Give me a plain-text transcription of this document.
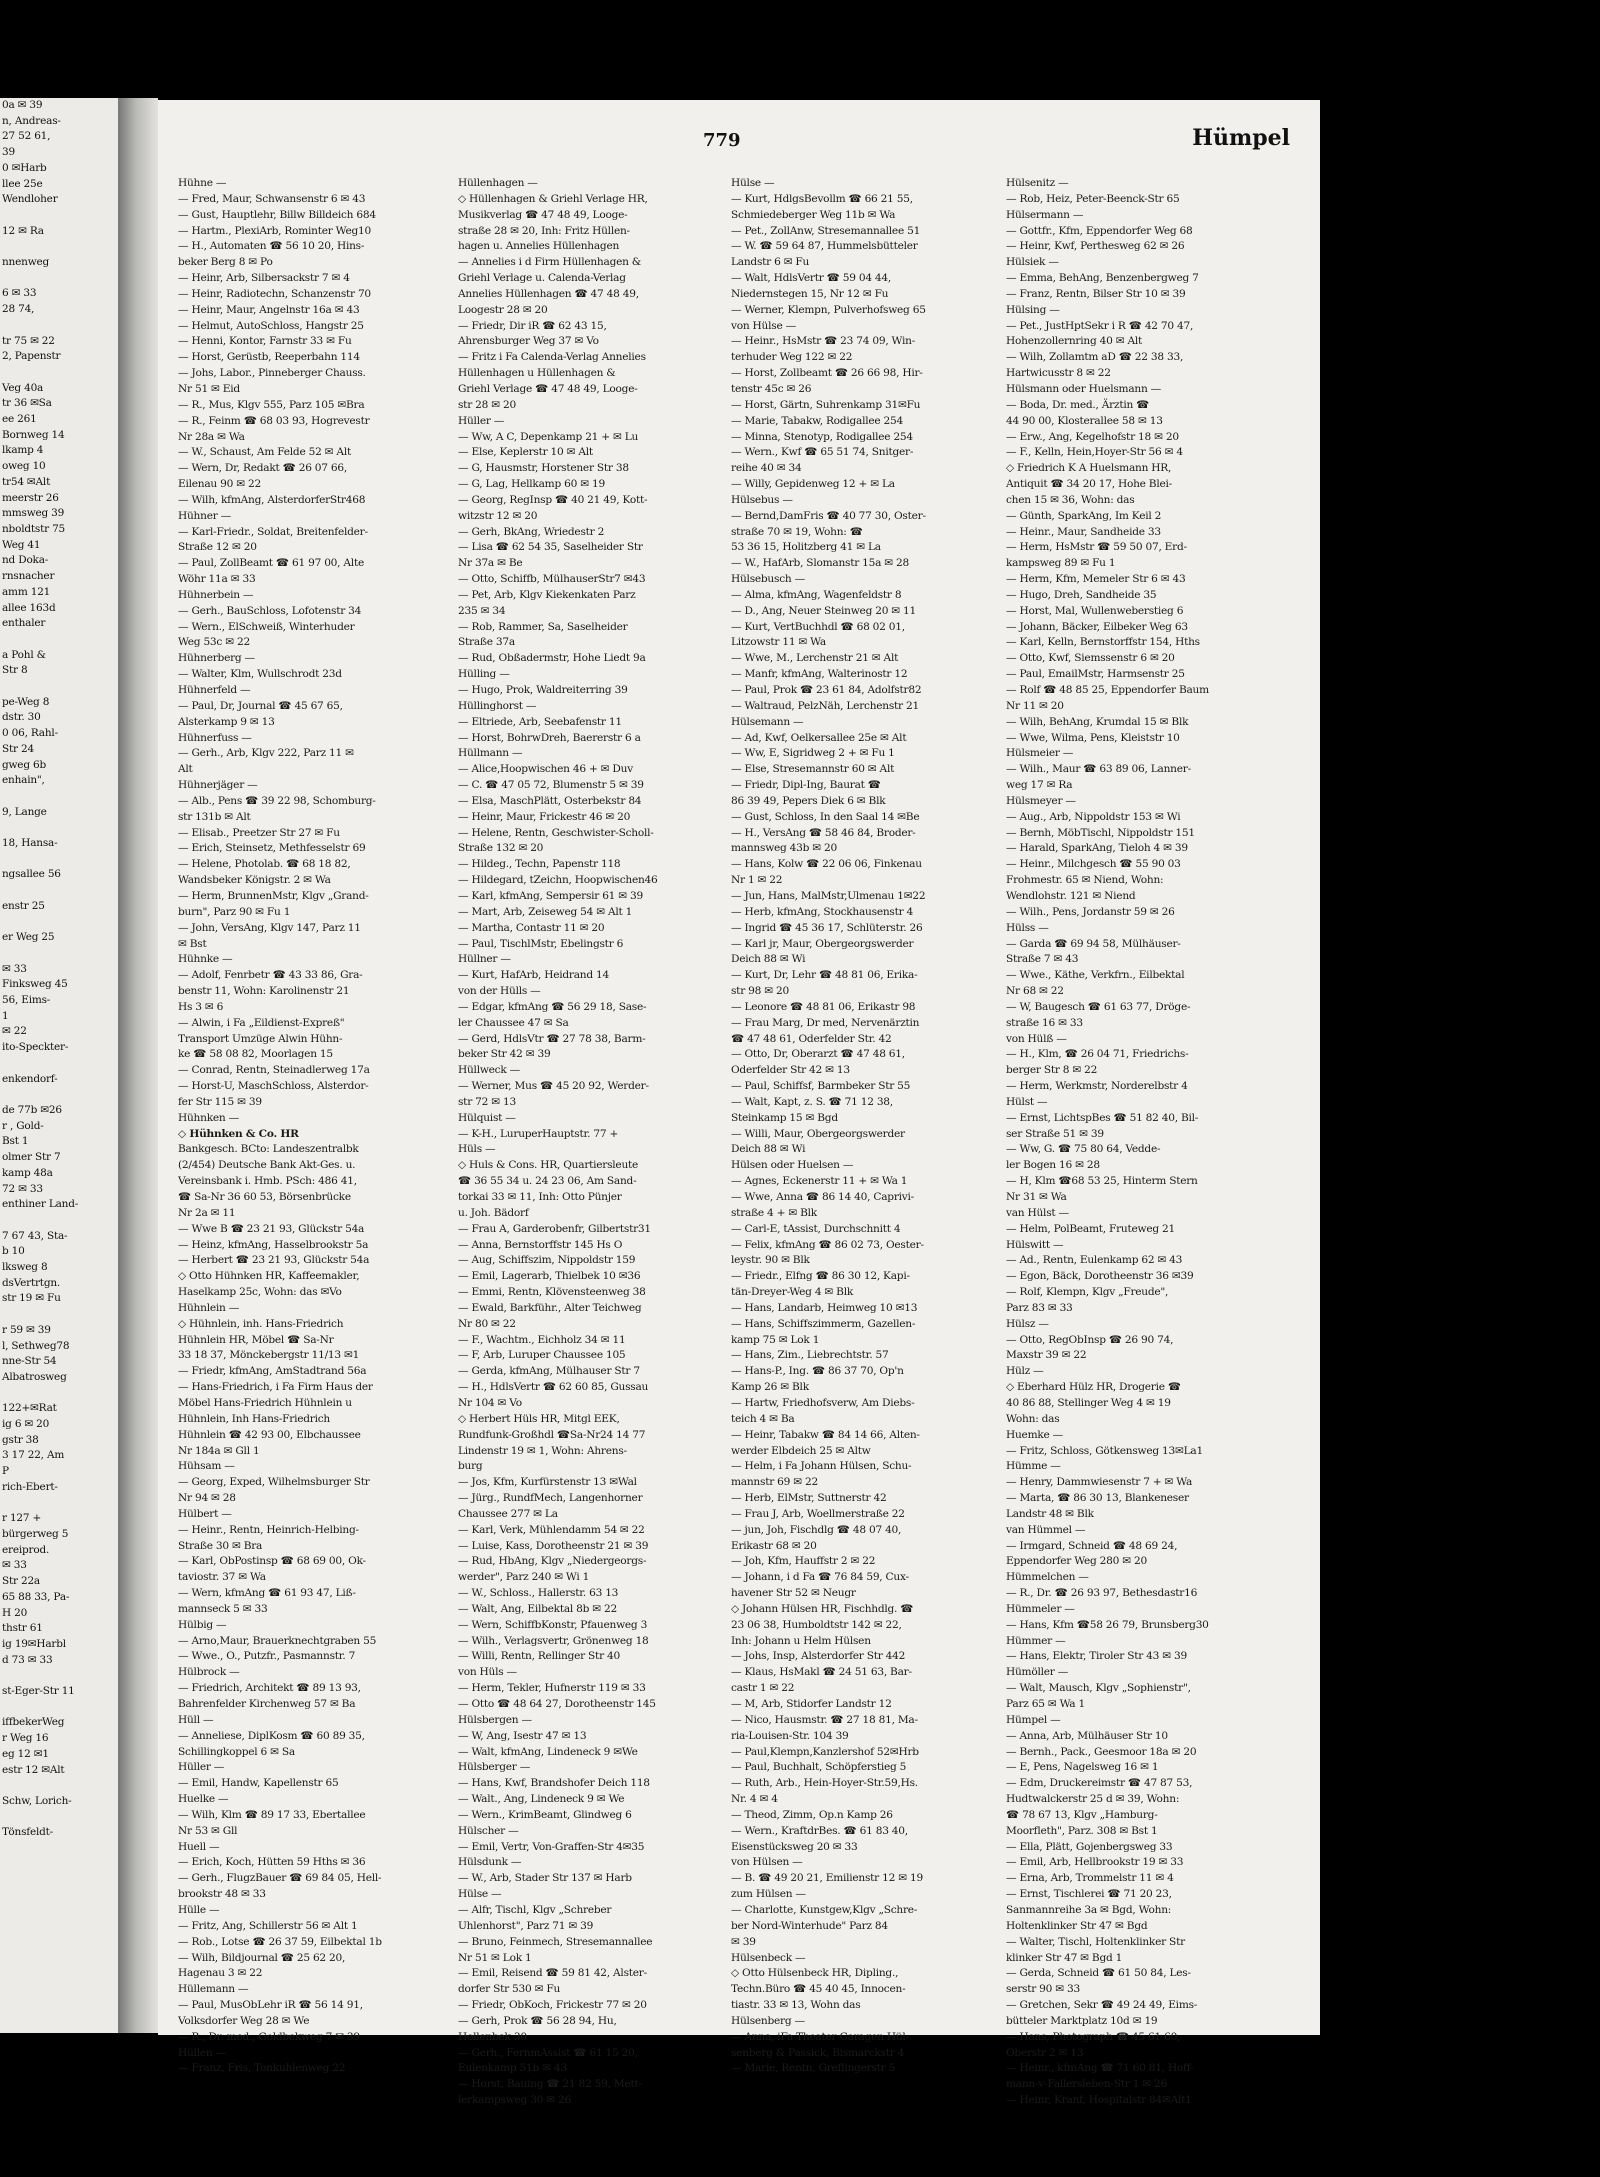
0a ✉ 39
n, Andreas-
27 52 61,
39
0 ✉Harb
llee 25e
Wendloher

12 ✉ Ra

nnenweg

6 ✉ 33
28 74,

tr 75 ✉ 22
2, Papenstr

Veg 40a
tr 36 ✉Sa
ee 261
Bornweg 14
lkamp 4
oweg 10
tr54 ✉Alt
meerstr 26
mmsweg 39
nboldtstr 75
Weg 41
nd Doka-
rnsnacher
amm 121
allee 163d
enthaler

a Pohl &
Str 8

pe-Weg 8
dstr. 30
0 06, Rahl-
Str 24
gweg 6b
enhain",

9, Lange

18, Hansa-

ngsallee 56

enstr 25

er Weg 25

✉ 33
Finksweg 45
56, Eims-
1
✉ 22
ito-Speckter-

enkendorf-

de 77b ✉26
r , Gold-
Bst 1
olmer Str 7
kamp 48a
72 ✉ 33
enthiner Land-

7 67 43, Sta-
b 10
lksweg 8
dsVertrtgn.
str 19 ✉ Fu

r 59 ✉ 39
l, Sethweg78
nne-Str 54
Albatrosweg

122+✉Rat
ig 6 ✉ 20
gstr 38
3 17 22, Am
P
rich-Ebert-

r 127 +
bürgerweg 5
ereiprod.
✉ 33
Str 22a
65 88 33, Pa-
H 20
thstr 61
ig 19✉Harbl
d 73 ✉ 33

st-Eger-Str 11

iffbekerWeg
r Weg 16
eg 12 ✉1
estr 12 ✉Alt

Schw, Lorich-

Tönsfeldt-
779	Hümpel
Hühne —
— Fred, Maur, Schwansenstr 6 ✉ 43
— Gust, Hauptlehr, Billw Billdeich 684
— Hartm., PlexiArb, Rominter Weg10
— H., Automaten ☎ 56 10 20, Hins-
beker Berg 8 ✉ Po
— Heinr, Arb, Silbersackstr 7 ✉ 4
— Heinr, Radiotechn, Schanzenstr 70
— Heinr, Maur, Angelnstr 16a ✉ 43
— Helmut, AutoSchloss, Hangstr 25
— Henni, Kontor, Farnstr 33 ✉ Fu
— Horst, Gerüstb, Reeperbahn 114
— Johs, Labor., Pinneberger Chauss.
Nr 51 ✉ Eid
— R., Mus, Klgv 555, Parz 105 ✉Bra
— R., Feinm ☎ 68 03 93, Hogrevestr
Nr 28a ✉ Wa
— W., Schaust, Am Felde 52 ✉ Alt
— Wern, Dr, Redakt ☎ 26 07 66,
Eilenau 90 ✉ 22
— Wilh, kfmAng, AlsterdorferStr468
Hühner —
— Karl-Friedr., Soldat, Breitenfelder-
Straße 12 ✉ 20
— Paul, ZollBeamt ☎ 61 97 00, Alte
Wöhr 11a ✉ 33
Hühnerbein —
— Gerh., BauSchloss, Lofotenstr 34
— Wern., ElSchweiß, Winterhuder
Weg 53c ✉ 22
Hühnerberg —
— Walter, Klm, Wullschrodt 23d
Hühnerfeld —
— Paul, Dr, Journal ☎ 45 67 65,
Alsterkamp 9 ✉ 13
Hühnerfuss —
— Gerh., Arb, Klgv 222, Parz 11 ✉
Alt
Hühnerjäger —
— Alb., Pens ☎ 39 22 98, Schomburg-
str 131b ✉ Alt
— Elisab., Preetzer Str 27 ✉ Fu
— Erich, Steinsetz, Methfesselstr 69
— Helene, Photolab. ☎ 68 18 82,
Wandsbeker Königstr. 2 ✉ Wa
— Herm, BrunnenMstr, Klgv „Grand-
burn", Parz 90 ✉ Fu 1
— John, VersAng, Klgv 147, Parz 11
✉ Bst
Hühnke —
— Adolf, Fenrbetr ☎ 43 33 86, Gra-
benstr 11, Wohn: Karolinenstr 21
Hs 3 ✉ 6
— Alwin, i Fa „Eildienst-Expreß"
Transport Umzüge Alwin Hühn-
ke ☎ 58 08 82, Moorlagen 15
— Conrad, Rentn, Steinadlerweg 17a
— Horst-U, MaschSchloss, Alsterdor-
fer Str 115 ✉ 39
Hühnken —
◇ Hühnken & Co. HR
Bankgesch. BCto: Landeszentralbk
(2/454) Deutsche Bank Akt-Ges. u.
Vereinsbank i. Hmb. PSch: 486 41,
☎ Sa-Nr 36 60 53, Börsenbrücke
Nr 2a ✉ 11
— Wwe B ☎ 23 21 93, Glückstr 54a
— Heinz, kfmAng, Hasselbrookstr 5a
— Herbert ☎ 23 21 93, Glückstr 54a
◇ Otto Hühnken HR, Kaffeemakler,
Haselkamp 25c, Wohn: das ✉Vo
Hühnlein —
◇ Hühnlein, inh. Hans-Friedrich
Hühnlein HR, Möbel ☎ Sa-Nr
33 18 37, Mönckebergstr 11/13 ✉1
— Friedr, kfmAng, AmStadtrand 56a
— Hans-Friedrich, i Fa Firm Haus der
Möbel Hans-Friedrich Hühnlein u
Hühnlein, Inh Hans-Friedrich
Hühnlein ☎ 42 93 00, Elbchaussee
Nr 184a ✉ Gll 1
Hühsam —
— Georg, Exped, Wilhelmsburger Str
Nr 94 ✉ 28
Hülbert —
— Heinr., Rentn, Heinrich-Helbing-
Straße 30 ✉ Bra
— Karl, ObPostinsp ☎ 68 69 00, Ok-
taviostr. 37 ✉ Wa
— Wern, kfmAng ☎ 61 93 47, Liß-
mannseck 5 ✉ 33
Hülbig —
— Arno,Maur, Brauerknechtgraben 55
— Wwe., O., Putzfr., Pasmannstr. 7
Hülbrock —
— Friedrich, Architekt ☎ 89 13 93,
Bahrenfelder Kirchenweg 57 ✉ Ba
Hüll —
— Anneliese, DiplKosm ☎ 60 89 35,
Schillingkoppel 6 ✉ Sa
Hüller —
— Emil, Handw, Kapellenstr 65
Huelke —
— Wilh, Klm ☎ 89 17 33, Ebertallee
Nr 53 ✉ Gll
Huell —
— Erich, Koch, Hütten 59 Hths ✉ 36
— Gerh., FlugzBauer ☎ 69 84 05, Hell-
brookstr 48 ✉ 33
Hülle —
— Fritz, Ang, Schillerstr 56 ✉ Alt 1
— Rob., Lotse ☎ 26 37 59, Eilbektal 1b
— Wilh, Bildjournal ☎ 25 62 20,
Hagenau 3 ✉ 22
Hüllemann —
— Paul, MusObLehr iR ☎ 56 14 91,
Volksdorfer Weg 28 ✉ We
— R., Dr. med., Goldbekweg 7 ✉ 39
Hüllen —
— Franz, Fris, Tonkuhlenweg 22
Hüllenhagen —
◇ Hüllenhagen & Griehl Verlage HR,
Musikverlag ☎ 47 48 49, Looge-
straße 28 ✉ 20, Inh: Fritz Hüllen-
hagen u. Annelies Hüllenhagen
— Annelies i d Firm Hüllenhagen &
Griehl Verlage u. Calenda-Verlag
Annelies Hüllenhagen ☎ 47 48 49,
Loogestr 28 ✉ 20
— Friedr, Dir iR ☎ 62 43 15,
Ahrensburger Weg 37 ✉ Vo
— Fritz i Fa Calenda-Verlag Annelies
Hüllenhagen u Hüllenhagen &
Griehl Verlage ☎ 47 48 49, Looge-
str 28 ✉ 20
Hüller —
— Ww, A C, Depenkamp 21 + ✉ Lu
— Else, Keplerstr 10 ✉ Alt
— G, Hausmstr, Horstener Str 38
— G, Lag, Hellkamp 60 ✉ 19
— Georg, RegInsp ☎ 40 21 49, Kott-
witzstr 12 ✉ 20
— Gerh, BkAng, Wriedestr 2
— Lisa ☎ 62 54 35, Saselheider Str
Nr 37a ✉ Be
— Otto, Schiffb, MülhauserStr7 ✉43
— Pet, Arb, Klgv Kiekenkaten Parz
235 ✉ 34
— Rob, Rammer, Sa, Saselheider
Straße 37a
— Rud, Obßadermstr, Hohe Liedt 9a
Hülling —
— Hugo, Prok, Waldreiterring 39
Hüllinghorst —
— Eltriede, Arb, Seebafenstr 11
— Horst, BohrwDreh, Baererstr 6 a
Hüllmann —
— Alice,Hoopwischen 46 + ✉ Duv
— C. ☎ 47 05 72, Blumenstr 5 ✉ 39
— Elsa, MaschPlätt, Osterbekstr 84
— Heinr, Maur, Frickestr 46 ✉ 20
— Helene, Rentn, Geschwister-Scholl-
Straße 132 ✉ 20
— Hildeg., Techn, Papenstr 118
— Hildegard, tZeichn, Hoopwischen46
— Karl, kfmAng, Sempersir 61 ✉ 39
— Mart, Arb, Zeiseweg 54 ✉ Alt 1
— Martha, Contastr 11 ✉ 20
— Paul, TischlMstr, Ebelingstr 6
Hüllner —
— Kurt, HafArb, Heidrand 14
von der Hülls —
— Edgar, kfmAng ☎ 56 29 18, Sase-
ler Chaussee 47 ✉ Sa
— Gerd, HdlsVtr ☎ 27 78 38, Barm-
beker Str 42 ✉ 39
Hüllweck —
— Werner, Mus ☎ 45 20 92, Werder-
str 72 ✉ 13
Hülquist —
— K-H., LuruperHauptstr. 77 +
Hüls —
◇ Huls & Cons. HR, Quartiersleute
☎ 36 55 34 u. 24 23 06, Am Sand-
torkai 33 ✉ 11, Inh: Otto Pünjer
u. Joh. Bädorf
— Frau A, Garderobenfr, Gilbertstr31
— Anna, Bernstorffstr 145 Hs O
— Aug, Schiffszim, Nippoldstr 159
— Emil, Lagerarb, Thielbek 10 ✉36
— Emmi, Rentn, Klövensteenweg 38
— Ewald, Barkführ., Alter Teichweg
Nr 80 ✉ 22
— F., Wachtm., Eichholz 34 ✉ 11
— F, Arb, Luruper Chaussee 105
— Gerda, kfmAng, Mülhauser Str 7
— H., HdlsVertr ☎ 62 60 85, Gussau
Nr 104 ✉ Vo
◇ Herbert Hüls HR, Mitgl EEK,
Rundfunk-Großhdl ☎Sa-Nr24 14 77
Lindenstr 19 ✉ 1, Wohn: Ahrens-
burg
— Jos, Kfm, Kurfürstenstr 13 ✉Wal
— Jürg., RundfMech, Langenhorner
Chaussee 277 ✉ La
— Karl, Verk, Mühlendamm 54 ✉ 22
— Luise, Kass, Dorotheenstr 21 ✉ 39
— Rud, HbAng, Klgv „Niedergeorgs-
werder", Parz 240 ✉ Wi 1
— W., Schloss., Hallerstr. 63 13
— Walt, Ang, Eilbektal 8b ✉ 22
— Wern, SchiffbKonstr, Pfauenweg 3
— Wilh., Verlagsvertr, Grönenweg 18
— Willi, Rentn, Rellinger Str 40
von Hüls —
— Herm, Tekler, Hufnerstr 119 ✉ 33
— Otto ☎ 48 64 27, Dorotheenstr 145
Hülsbergen —
— W, Ang, Isestr 47 ✉ 13
— Walt, kfmAng, Lindeneck 9 ✉We
Hülsberger —
— Hans, Kwf, Brandshofer Deich 118
— Walt., Ang, Lindeneck 9 ✉ We
— Wern., KrimBeamt, Glindweg 6
Hülscher —
— Emil, Vertr, Von-Graffen-Str 4✉35
Hülsdunk —
— W., Arb, Stader Str 137 ✉ Harb
Hülse —
— Alfr, Tischl, Klgv „Schreber
Uhlenhorst", Parz 71 ✉ 39
— Bruno, Feinmech, Stresemannallee
Nr 51 ✉ Lok 1
— Emil, Reisend ☎ 59 81 42, Alster-
dorfer Str 530 ✉ Fu
— Friedr, ObKoch, Frickestr 77 ✉ 20
— Gerh, Prok ☎ 56 28 94, Hu,
Hollenbek 30
— Gerh., FernmAssist ☎ 61 15 20,
Eulenkamp 51b ✉ 43
— Horst, Bauing ☎ 21 82 59, Mett-
lerkampsweg 30 ✉ 26
Hülse —
— Kurt, HdlgsBevollm ☎ 66 21 55,
Schmiedeberger Weg 11b ✉ Wa
— Pet., ZollAnw, Stresemannallee 51
— W. ☎ 59 64 87, Hummelsbütteler
Landstr 6 ✉ Fu
— Walt, HdlsVertr ☎ 59 04 44,
Niedernstegen 15, Nr 12 ✉ Fu
— Werner, Klempn, Pulverhofsweg 65
von Hülse —
— Heinr., HsMstr ☎ 23 74 09, Win-
terhuder Weg 122 ✉ 22
— Horst, Zollbeamt ☎ 26 66 98, Hir-
tenstr 45c ✉ 26
— Horst, Gärtn, Suhrenkamp 31✉Fu
— Marie, Tabakw, Rodigallee 254
— Minna, Stenotyp, Rodigallee 254
— Wern., Kwf ☎ 65 51 74, Snitger-
reihe 40 ✉ 34
— Willy, Gepidenweg 12 + ✉ La
Hülsebus —
— Bernd,DamFris ☎ 40 77 30, Oster-
straße 70 ✉ 19, Wohn: ☎
53 36 15, Holitzberg 41 ✉ La
— W., HafArb, Slomanstr 15a ✉ 28
Hülsebusch —
— Alma, kfmAng, Wagenfeldstr 8
— D., Ang, Neuer Steinweg 20 ✉ 11
— Kurt, VertBuchhdl ☎ 68 02 01,
Litzowstr 11 ✉ Wa
— Wwe, M., Lerchenstr 21 ✉ Alt
— Manfr, kfmAng, Walterinostr 12
— Paul, Prok ☎ 23 61 84, Adolfstr82
— Waltraud, PelzNäh, Lerchenstr 21
Hülsemann —
— Ad, Kwf, Oelkersallee 25e ✉ Alt
— Ww, E, Sigridweg 2 + ✉ Fu 1
— Else, Stresemannstr 60 ✉ Alt
— Friedr, Dipl-Ing, Baurat ☎
86 39 49, Pepers Diek 6 ✉ Blk
— Gust, Schloss, In den Saal 14 ✉Be
— H., VersAng ☎ 58 46 84, Broder-
mannsweg 43b ✉ 20
— Hans, Kolw ☎ 22 06 06, Finkenau
Nr 1 ✉ 22
— Jun, Hans, MalMstr,Ulmenau 1✉22
— Herb, kfmAng, Stockhausenstr 4
— Ingrid ☎ 45 36 17, Schlüterstr. 26
— Karl jr, Maur, Obergeorgswerder
Deich 88 ✉ Wi
— Kurt, Dr, Lehr ☎ 48 81 06, Erika-
str 98 ✉ 20
— Leonore ☎ 48 81 06, Erikastr 98
— Frau Marg, Dr med, Nervenärztin
☎ 47 48 61, Oderfelder Str. 42
— Otto, Dr, Oberarzt ☎ 47 48 61,
Oderfelder Str 42 ✉ 13
— Paul, Schiffsf, Barmbeker Str 55
— Walt, Kapt, z. S. ☎ 71 12 38,
Steinkamp 15 ✉ Bgd
— Willi, Maur, Obergeorgswerder
Deich 88 ✉ Wi
Hülsen oder Huelsen —
— Agnes, Eckenerstr 11 + ✉ Wa 1
— Wwe, Anna ☎ 86 14 40, Caprivi-
straße 4 + ✉ Blk
— Carl-E, tAssist, Durchschnitt 4
— Felix, kfmAng ☎ 86 02 73, Oester-
leystr. 90 ✉ Blk
— Friedr., Elfng ☎ 86 30 12, Kapi-
tän-Dreyer-Weg 4 ✉ Blk
— Hans, Landarb, Heimweg 10 ✉13
— Hans, Schiffszimmerm, Gazellen-
kamp 75 ✉ Lok 1
— Hans, Zim., Liebrechtstr. 57
— Hans-P., Ing. ☎ 86 37 70, Op'n
Kamp 26 ✉ Blk
— Hartw, Friedhofsverw, Am Diebs-
teich 4 ✉ Ba
— Heinr, Tabakw ☎ 84 14 66, Alten-
werder Elbdeich 25 ✉ Altw
— Helm, i Fa Johann Hülsen, Schu-
mannstr 69 ✉ 22
— Herb, ElMstr, Suttnerstr 42
— Frau J, Arb, Woellmerstraße 22
— jun, Joh, Fischdlg ☎ 48 07 40,
Erikastr 68 ✉ 20
— Joh, Kfm, Hauffstr 2 ✉ 22
— Johann, i d Fa ☎ 76 84 59, Cux-
havener Str 52 ✉ Neugr
◇ Johann Hülsen HR, Fischhdlg. ☎
23 06 38, Humboldtstr 142 ✉ 22,
Inh: Johann u Helm Hülsen
— Johs, Insp, Alsterdorfer Str 442
— Klaus, HsMakl ☎ 24 51 63, Bar-
castr 1 ✉ 22
— M, Arb, Stidorfer Landstr 12
— Nico, Hausmstr. ☎ 27 18 81, Ma-
ria-Louisen-Str. 104 39
— Paul,Klempn,Kanzlershof 52✉Hrb
— Paul, Buchhalt, Schöpferstieg 5
— Ruth, Arb., Hein-Hoyer-Str.59,Hs.
Nr. 4 ✉ 4
— Theod, Zimm, Op.n Kamp 26
— Wern., KraftdrBes. ☎ 61 83 40,
Eisenstücksweg 20 ✉ 33
von Hülsen —
— B. ☎ 49 20 21, Emilienstr 12 ✉ 19
zum Hülsen —
— Charlotte, Kunstgew,Klgv „Schre-
ber Nord-Winterhude" Parz 84
✉ 39
Hülsenbeck —
◇ Otto Hülsenbeck HR, Dipling.,
Techn.Büro ☎ 45 40 45, Innocen-
tiastr. 33 ✉ 13, Wohn das
Hülsenberg —
— Anna, iFa Theater Garagen Hül-
senberg & Passick, Bismarckstr 4
— Marie, Rentn, Greflingerstr 5
Hülsenitz —
— Rob, Heiz, Peter-Beenck-Str 65
Hülsermann —
— Gottfr., Kfm, Eppendorfer Weg 68
— Heinr, Kwf, Perthesweg 62 ✉ 26
Hülsiek —
— Emma, BehAng, Benzenbergweg 7
— Franz, Rentn, Bilser Str 10 ✉ 39
Hülsing —
— Pet., JustHptSekr i R ☎ 42 70 47,
Hohenzollernring 40 ✉ Alt
— Wilh, Zollamtm aD ☎ 22 38 33,
Hartwicusstr 8 ✉ 22
Hülsmann oder Huelsmann —
— Boda, Dr. med., Ärztin ☎
44 90 00, Klosterallee 58 ✉ 13
— Erw., Ang, Kegelhofstr 18 ✉ 20
— F., Kelln, Hein,Hoyer-Str 56 ✉ 4
◇ Friedrich K A Huelsmann HR,
Antiquit ☎ 34 20 17, Hohe Blei-
chen 15 ✉ 36, Wohn: das
— Günth, SparkAng, Im Keil 2
— Heinr., Maur, Sandheide 33
— Herm, HsMstr ☎ 59 50 07, Erd-
kampsweg 89 ✉ Fu 1
— Herm, Kfm, Memeler Str 6 ✉ 43
— Hugo, Dreh, Sandheide 35
— Horst, Mal, Wullenwebers‌tieg 6
— Johann, Bäcker, Eilbeker Weg 63
— Karl, Kelln, Bernstorffstr 154, Hths
— Otto, Kwf, Siemssenstr 6 ✉ 20
— Paul, EmailMstr, Harmsenstr 25
— Rolf ☎ 48 85 25, Eppendorfer Baum
Nr 11 ✉ 20
— Wilh, BehAng, Krumdal 15 ✉ Blk
— Wwe, Wilma, Pens, Kleiststr 10
Hülsmeier —
— Wilh., Maur ☎ 63 89 06, Lanner-
weg 17 ✉ Ra
Hülsmeyer —
— Aug., Arb, Nippoldstr 153 ✉ Wi
— Bernh, MöbTischl, Nippoldstr 151
— Harald, SparkAng, Tieloh 4 ✉ 39
— Heinr., Milchgesch ☎ 55 90 03
Frohmestr. 65 ✉ Niend, Wohn:
Wendlohstr. 121 ✉ Niend
— Wilh., Pens, Jordanstr 59 ✉ 26
Hülss —
— Garda ☎ 69 94 58, Mülhäuser-
Straße 7 ✉ 43
— Wwe., Käthe, Verkfrn., Eilbektal
Nr 68 ✉ 22
— W, Baugesch ☎ 61 63 77, Dröge-
straße 16 ✉ 33
von Hülß —
— H., Klm, ☎ 26 04 71, Friedrichs-
berger Str 8 ✉ 22
— Herm, Werkmstr, Norderelbstr 4
Hülst —
— Ernst, LichtspBes ☎ 51 82 40, Bil-
ser Straße 51 ✉ 39
— Ww, G. ☎ 75 80 64, Vedde-
ler Bogen 16 ✉ 28
— H, Klm ☎68 53 25, Hinterm Stern
Nr 31 ✉ Wa
van Hülst —
— Helm, PolBeamt, Fruteweg 21
Hülswitt —
— Ad., Rentn, Eulenkamp 62 ✉ 43
— Egon, Bäck, Dorotheenstr 36 ✉39
— Rolf, Klempn, Klgv „Freude",
Parz 83 ✉ 33
Hülsz —
— Otto, RegObInsp ☎ 26 90 74,
Maxstr 39 ✉ 22
Hülz —
◇ Eberhard Hülz HR, Drogerie ☎
40 86 88, Stellinger Weg 4 ✉ 19
Wohn: das
Huemke —
— Fritz, Schloss, Götkensweg 13✉La1
Hümme —
— Henry, Dammwiesenstr 7 + ✉ Wa
— Marta, ☎ 86 30 13, Blankeneser
Landstr 48 ✉ Blk
van Hümmel —
— Irmgard, Schneid ☎ 48 69 24,
Eppendorfer Weg 280 ✉ 20
Hümmelchen —
— R., Dr. ☎ 26 93 97, Bethesdastr16
Hümmeler —
— Hans, Kfm ☎58 26 79, Brunsberg30
Hümmer —
— Hans, Elektr, Tiroler Str 43 ✉ 39
Hümöller —
— Walt, Mausch, Klgv „Sophienstr",
Parz 65 ✉ Wa 1
Hümpel —
— Anna, Arb, Mülhäuser Str 10
— Bernh., Pack., Geesmoor 18a ✉ 20
— E, Pens, Nagelsweg 16 ✉ 1
— Edm, Druckereimstr ☎ 47 87 53,
Hudtwalckerstr 25 d ✉ 39, Wohn:
☎ 78 67 13, Klgv „Hamburg-
Moorfleth", Parz. 308 ✉ Bst 1
— Ella, Plätt, Gojenbergsweg 33
— Emil, Arb, Hellbrookstr 19 ✉ 33
— Erna, Arb, Trommelstr 11 ✉ 4
— Ernst, Tischlerei ☎ 71 20 23,
Sanmannreihe 3a ✉ Bgd, Wohn:
Holtenklinker Str 47 ✉ Bgd
— Walter, Tischl, Holtenklinker Str
klinker Str 47 ✉ Bgd 1
— Gerda, Schneid ☎ 61 50 84, Les-
serstr 90 ✉ 33
— Gretchen, Sekr ☎ 49 24 49, Eims-
bütteler Marktplatz 10d ✉ 19
— Hans, Photograph ☎ 45 61 60,
Oberstr 2 ✉ 13
— Heinr., kfmAng ☎ 71 60 81, Hoff-
mann-v-Fallersleben-Str 1 ✉ 26
— Heinr, Kranf, Hospitalstr 84✉Alt1
